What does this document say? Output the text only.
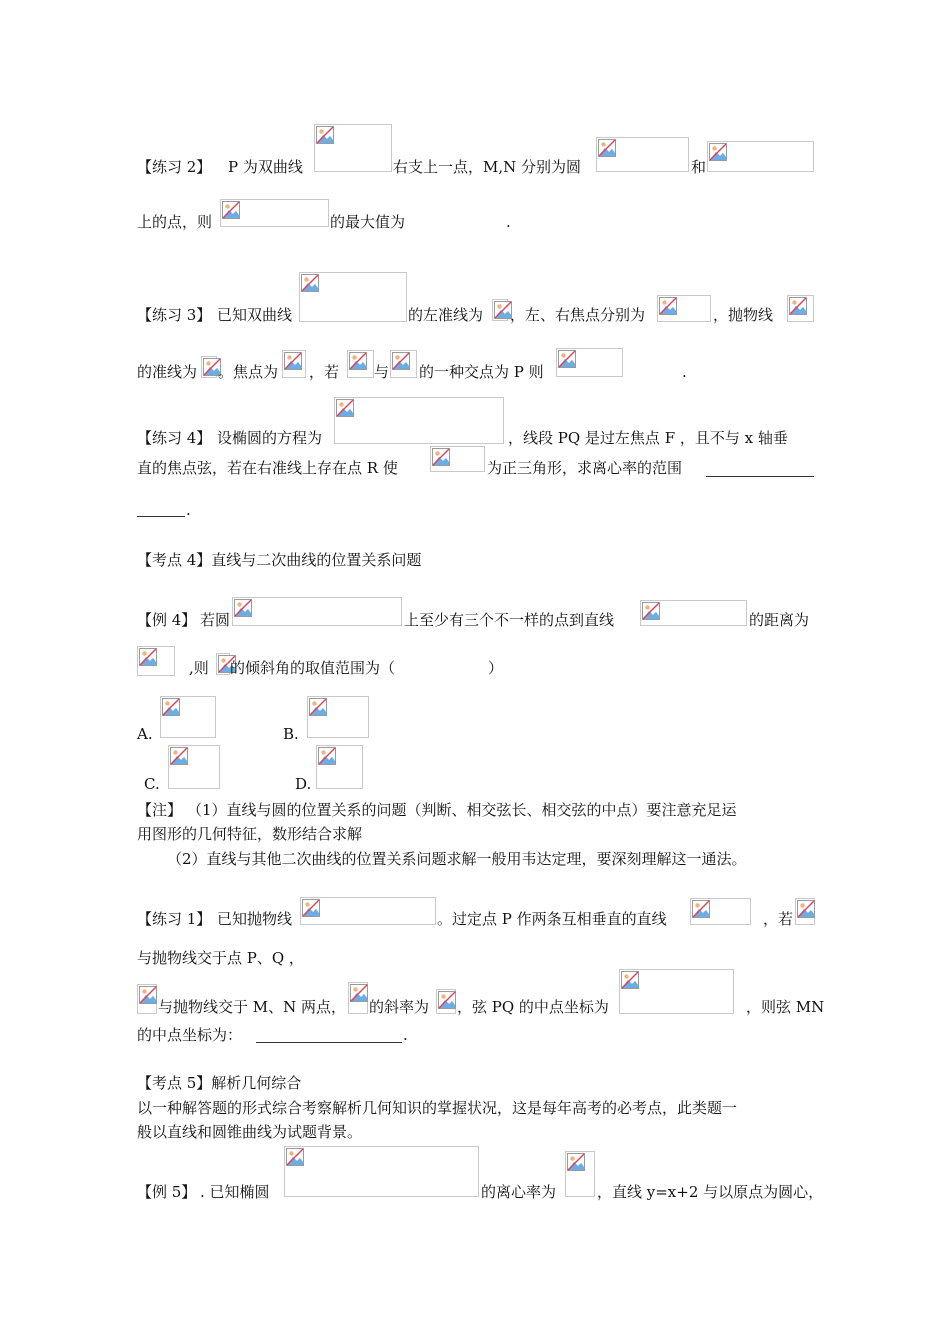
【练习 2】 P 为双曲线	右支上一点，M,N 分别为圆	和
上的点，则	的最大值为	.
【练习 3】 已知双曲线	的左准线为 ，左、右焦点分别为	，抛物线
的准线为 。焦点为 ，若 与 的一种交点为 P 则	.
【练习 4】 设椭圆的方程为	，线段 PQ 是过左焦点 F ，且不与 x 轴垂
直的焦点弦，若在右准线上存在点 R 使	为正三角形，求离心率的范围
.
【考点 4】直线与二次曲线的位置关系问题
【例 4】 若圆	上至少有三个不一样的点到直线	的距离为
,则 的倾斜角的取值范围为（	）
A.	B.
C.	D.
【注】 （1）直线与圆的位置关系的问题（判断、相交弦长、相交弦的中点）要注意充足运
用图形的几何特征，数形结合求解
（2）直线与其他二次曲线的位置关系问题求解一般用韦达定理，要深刻理解这一通法。
【练习 1】 已知抛物线	。过定点 P 作两条互相垂直的直线	，若
与抛物线交于点 P、Q ，
与抛物线交于 M、N 两点， 的斜率为 ，弦 PQ 的中点坐标为	，则弦 MN
的中点坐标为：	.
【考点 5】解析几何综合
以一种解答题的形式综合考察解析几何知识的掌握状况，这是每年高考的必考点，此类题一
般以直线和圆锥曲线为试题背景。
【例 5】 . 已知椭圆	的离心率为	，直线 y=x+2 与以原点为圆心，
